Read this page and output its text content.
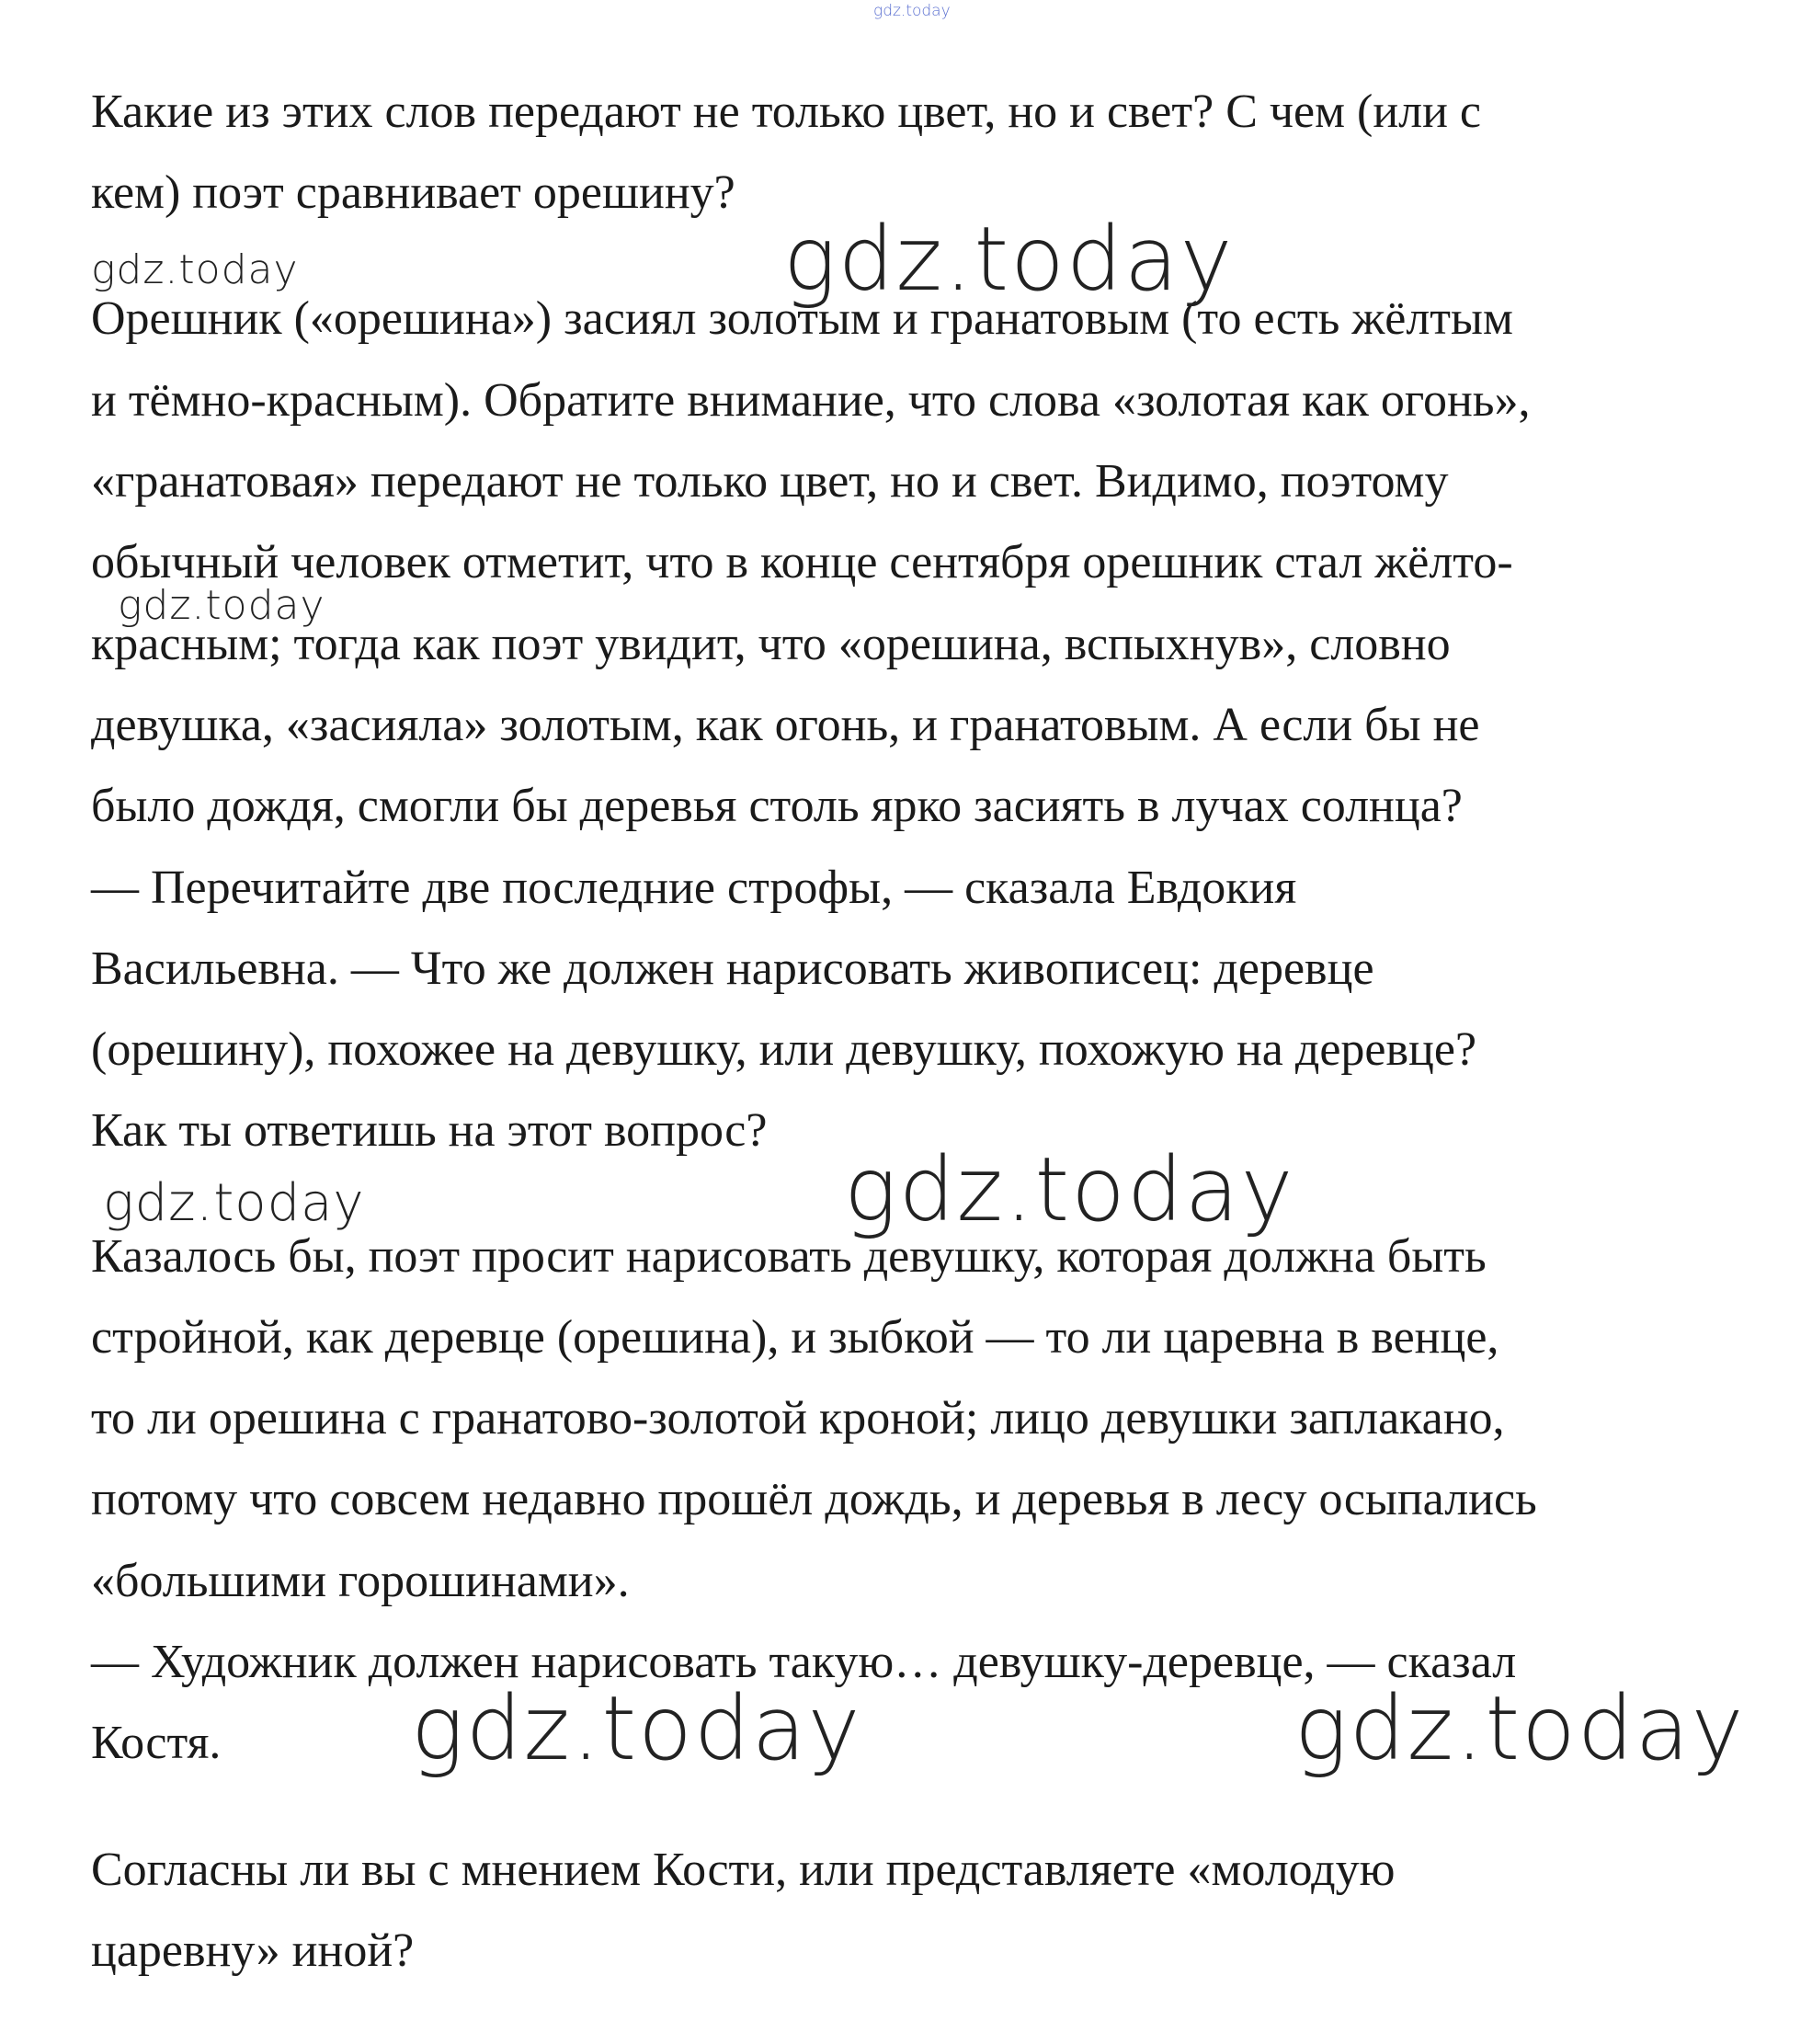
gdz.today
Какие из этих слов передают не только цвет, но и свет? С чем (или с
кем) поэт сравнивает орешину?
Орешник («орешина») засиял золотым и гранатовым (то есть жёлтым
и тёмно-красным). Обратите внимание, что слова «золотая как огонь»,
«гранатовая» передают не только цвет, но и свет. Видимо, поэтому
обычный человек отметит, что в конце сентября орешник стал жёлто-
красным; тогда как поэт увидит, что «орешина, вспыхнув», словно
девушка, «засияла» золотым, как огонь, и гранатовым. А если бы не
было дождя, смогли бы деревья столь ярко засиять в лучах солнца?
— Перечитайте две последние строфы, — сказала Евдокия
Васильевна. — Что же должен нарисовать живописец: деревце
(орешину), похожее на девушку, или девушку, похожую на деревце?
Как ты ответишь на этот вопрос?
Казалось бы, поэт просит нарисовать девушку, которая должна быть
стройной, как деревце (орешина), и зыбкой — то ли царевна в венце,
то ли орешина с гранатово-золотой кроной; лицо девушки заплакано,
потому что совсем недавно прошёл дождь, и деревья в лесу осыпались
«большими горошинами».
— Художник должен нарисовать такую… девушку-деревце, — сказал
Костя.
Согласны ли вы с мнением Кости, или представляете «молодую
царевну» иной?
gdz.today	gdz.today
gdz.today
gdz.today	gdz.today
gdz.today	gdz.today
